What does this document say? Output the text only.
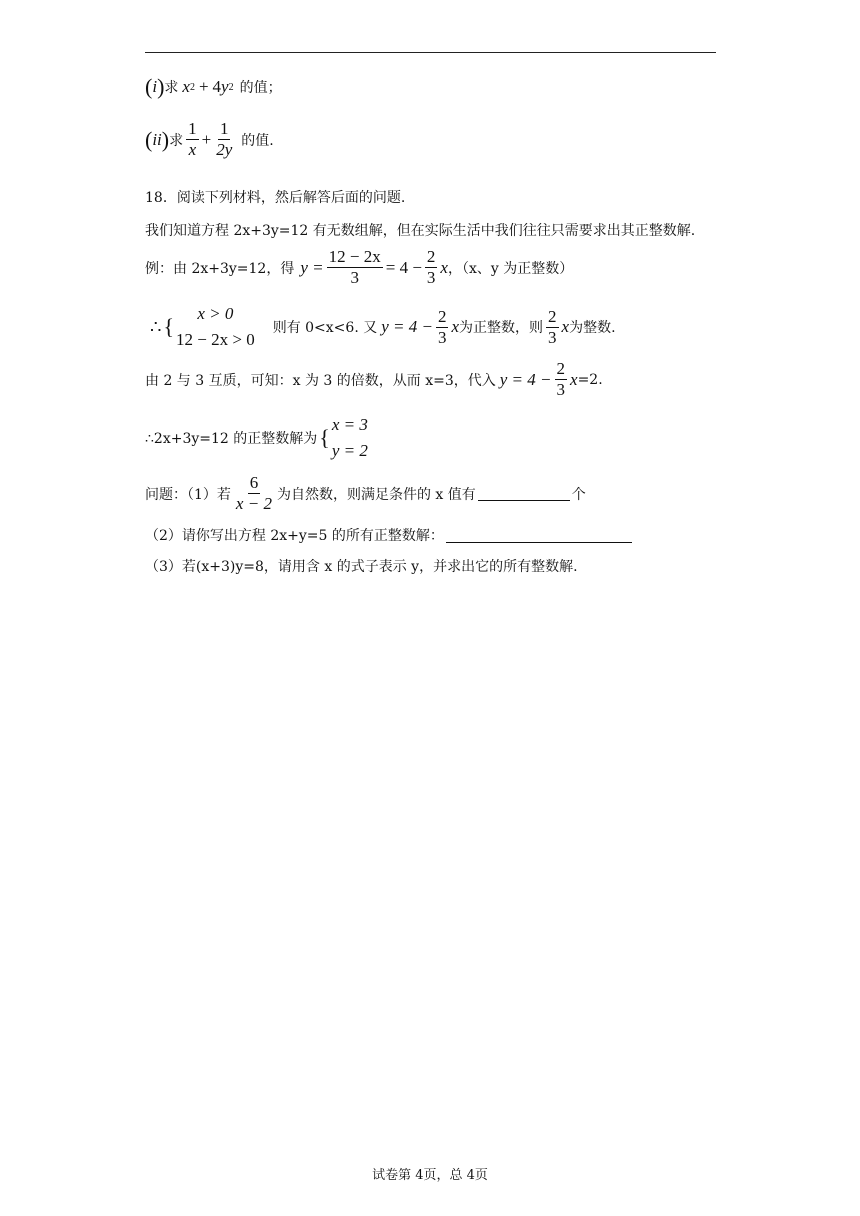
( i ) 求 x 2 + 4 y 2 的值；
( ii ) 求 $\frac{1}{x} + \frac{1}{2y}$ 的值.
18．阅读下列材料，然后解答后面的问题.
我们知道方程 2x+3y=12 有无数组解，但在实际生活中我们往往只需要求出其正整数解.
例：由 2x+3y=12，得 $y = \frac{12 - 2x}{3} = 4 - \frac{2}{3}$ x ，（x、y 为正整数）
∴ {
x > 0
12 − 2x > 0
则有 0<x<6. 又 $y = 4 - \frac{2}{3}$ x 为正整数，则 $\frac{2}{3}$ x 为整数.
由 2 与 3 互质，可知：x 为 3 的倍数，从而 x=3，代入 $y = 4 - \frac{2}{3}$ x =2.
∴2x+3y=12 的正整数解为 {
x = 3
y = 2
问题：（1）若 $\frac{6}{x - 2}$ 为自然数，则满足条件的 x 值有	个
（2）请你写出方程 2x+y=5 的所有正整数解：
（3）若(x+3)y=8，请用含 x 的式子表示 y，并求出它的所有整数解.
试卷第 4页，总 4页
